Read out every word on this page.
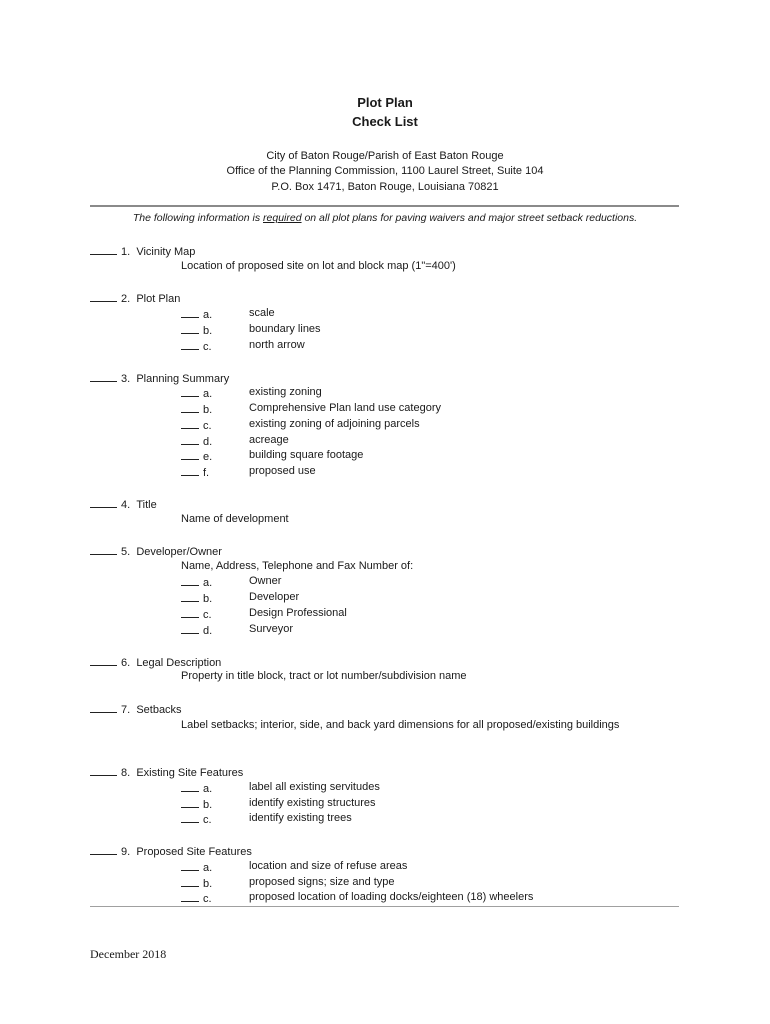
Plot Plan
Check List
City of Baton Rouge/Parish of East Baton Rouge
Office of the Planning Commission, 1100 Laurel Street, Suite 104
P.O. Box 1471, Baton Rouge, Louisiana 70821
The following information is required on all plot plans for paving waivers and major street setback reductions.
1. Vicinity Map
Location of proposed site on lot and block map (1"=400')
2. Plot Plan
a.	scale
b.	boundary lines
c.	north arrow
3. Planning Summary
a.	existing zoning
b.	Comprehensive Plan land use category
c.	existing zoning of adjoining parcels
d.	acreage
e.	building square footage
f.	proposed use
4. Title
Name of development
5. Developer/Owner
Name, Address, Telephone and Fax Number of:
a.	Owner
b.	Developer
c.	Design Professional
d.	Surveyor
6. Legal Description
Property in title block, tract or lot number/subdivision name
7. Setbacks
Label setbacks; interior, side, and back yard dimensions for all proposed/existing buildings
8. Existing Site Features
a.	label all existing servitudes
b.	identify existing structures
c.	identify existing trees
9. Proposed Site Features
a.	location and size of refuse areas
b.	proposed signs; size and type
c.	proposed location of loading docks/eighteen (18) wheelers
December 2018
